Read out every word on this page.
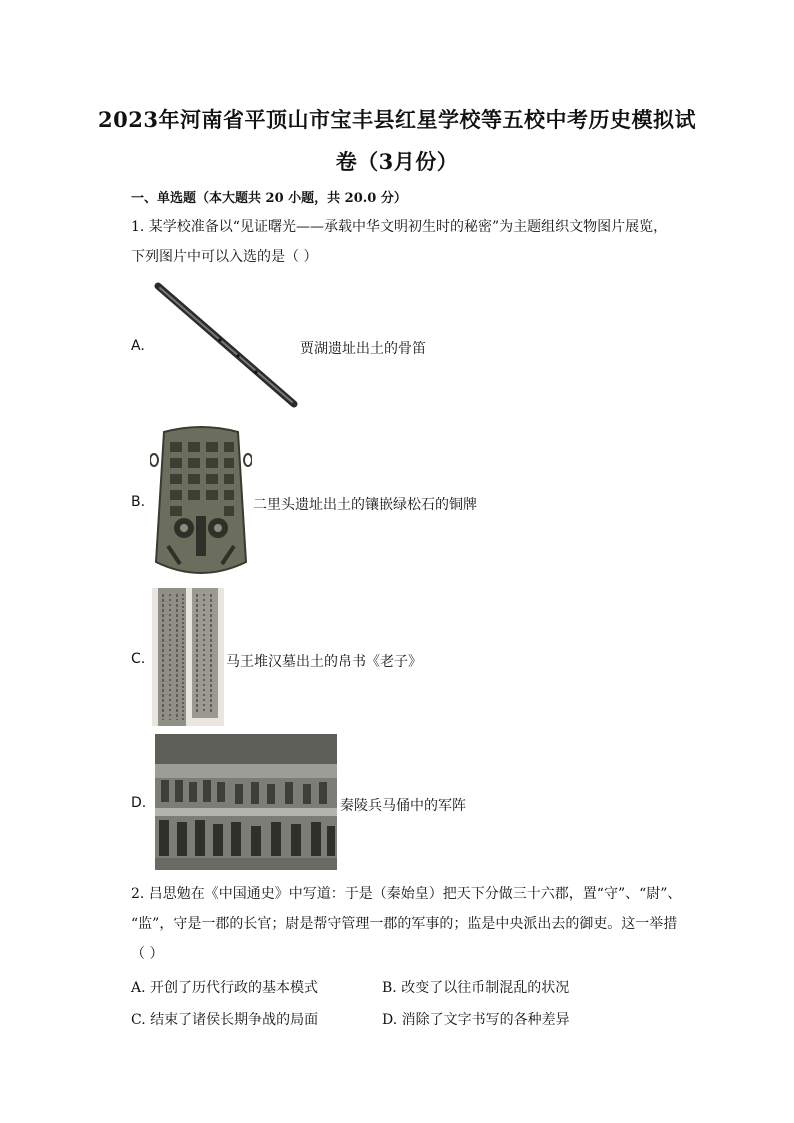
2023年河南省平顶山市宝丰县红星学校等五校中考历史模拟试
卷（3月份）
一、单选题（本大题共 20 小题，共 20.0 分）
1. 某学校准备以“见证曙光——承载中华文明初生时的秘密”为主题组织文物图片展览，
下列图片中可以入选的是（ ）
A.	贾湖遗址出土的骨笛
B.	二里头遗址出土的镶嵌绿松石的铜牌
C.	马王堆汉墓出土的帛书《老子》
D.	秦陵兵马俑中的军阵
2. 吕思勉在《中国通史》中写道：于是（秦始皇）把天下分做三十六郡，置“守”、“尉”、
“监”，守是一郡的长官；尉是帮守管理一郡的军事的；监是中央派出去的御吏。这一举措
（ ）
A. 开创了历代行政的基本模式	B. 改变了以往币制混乱的状况
C. 结束了诸侯长期争战的局面	D. 消除了文字书写的各种差异
